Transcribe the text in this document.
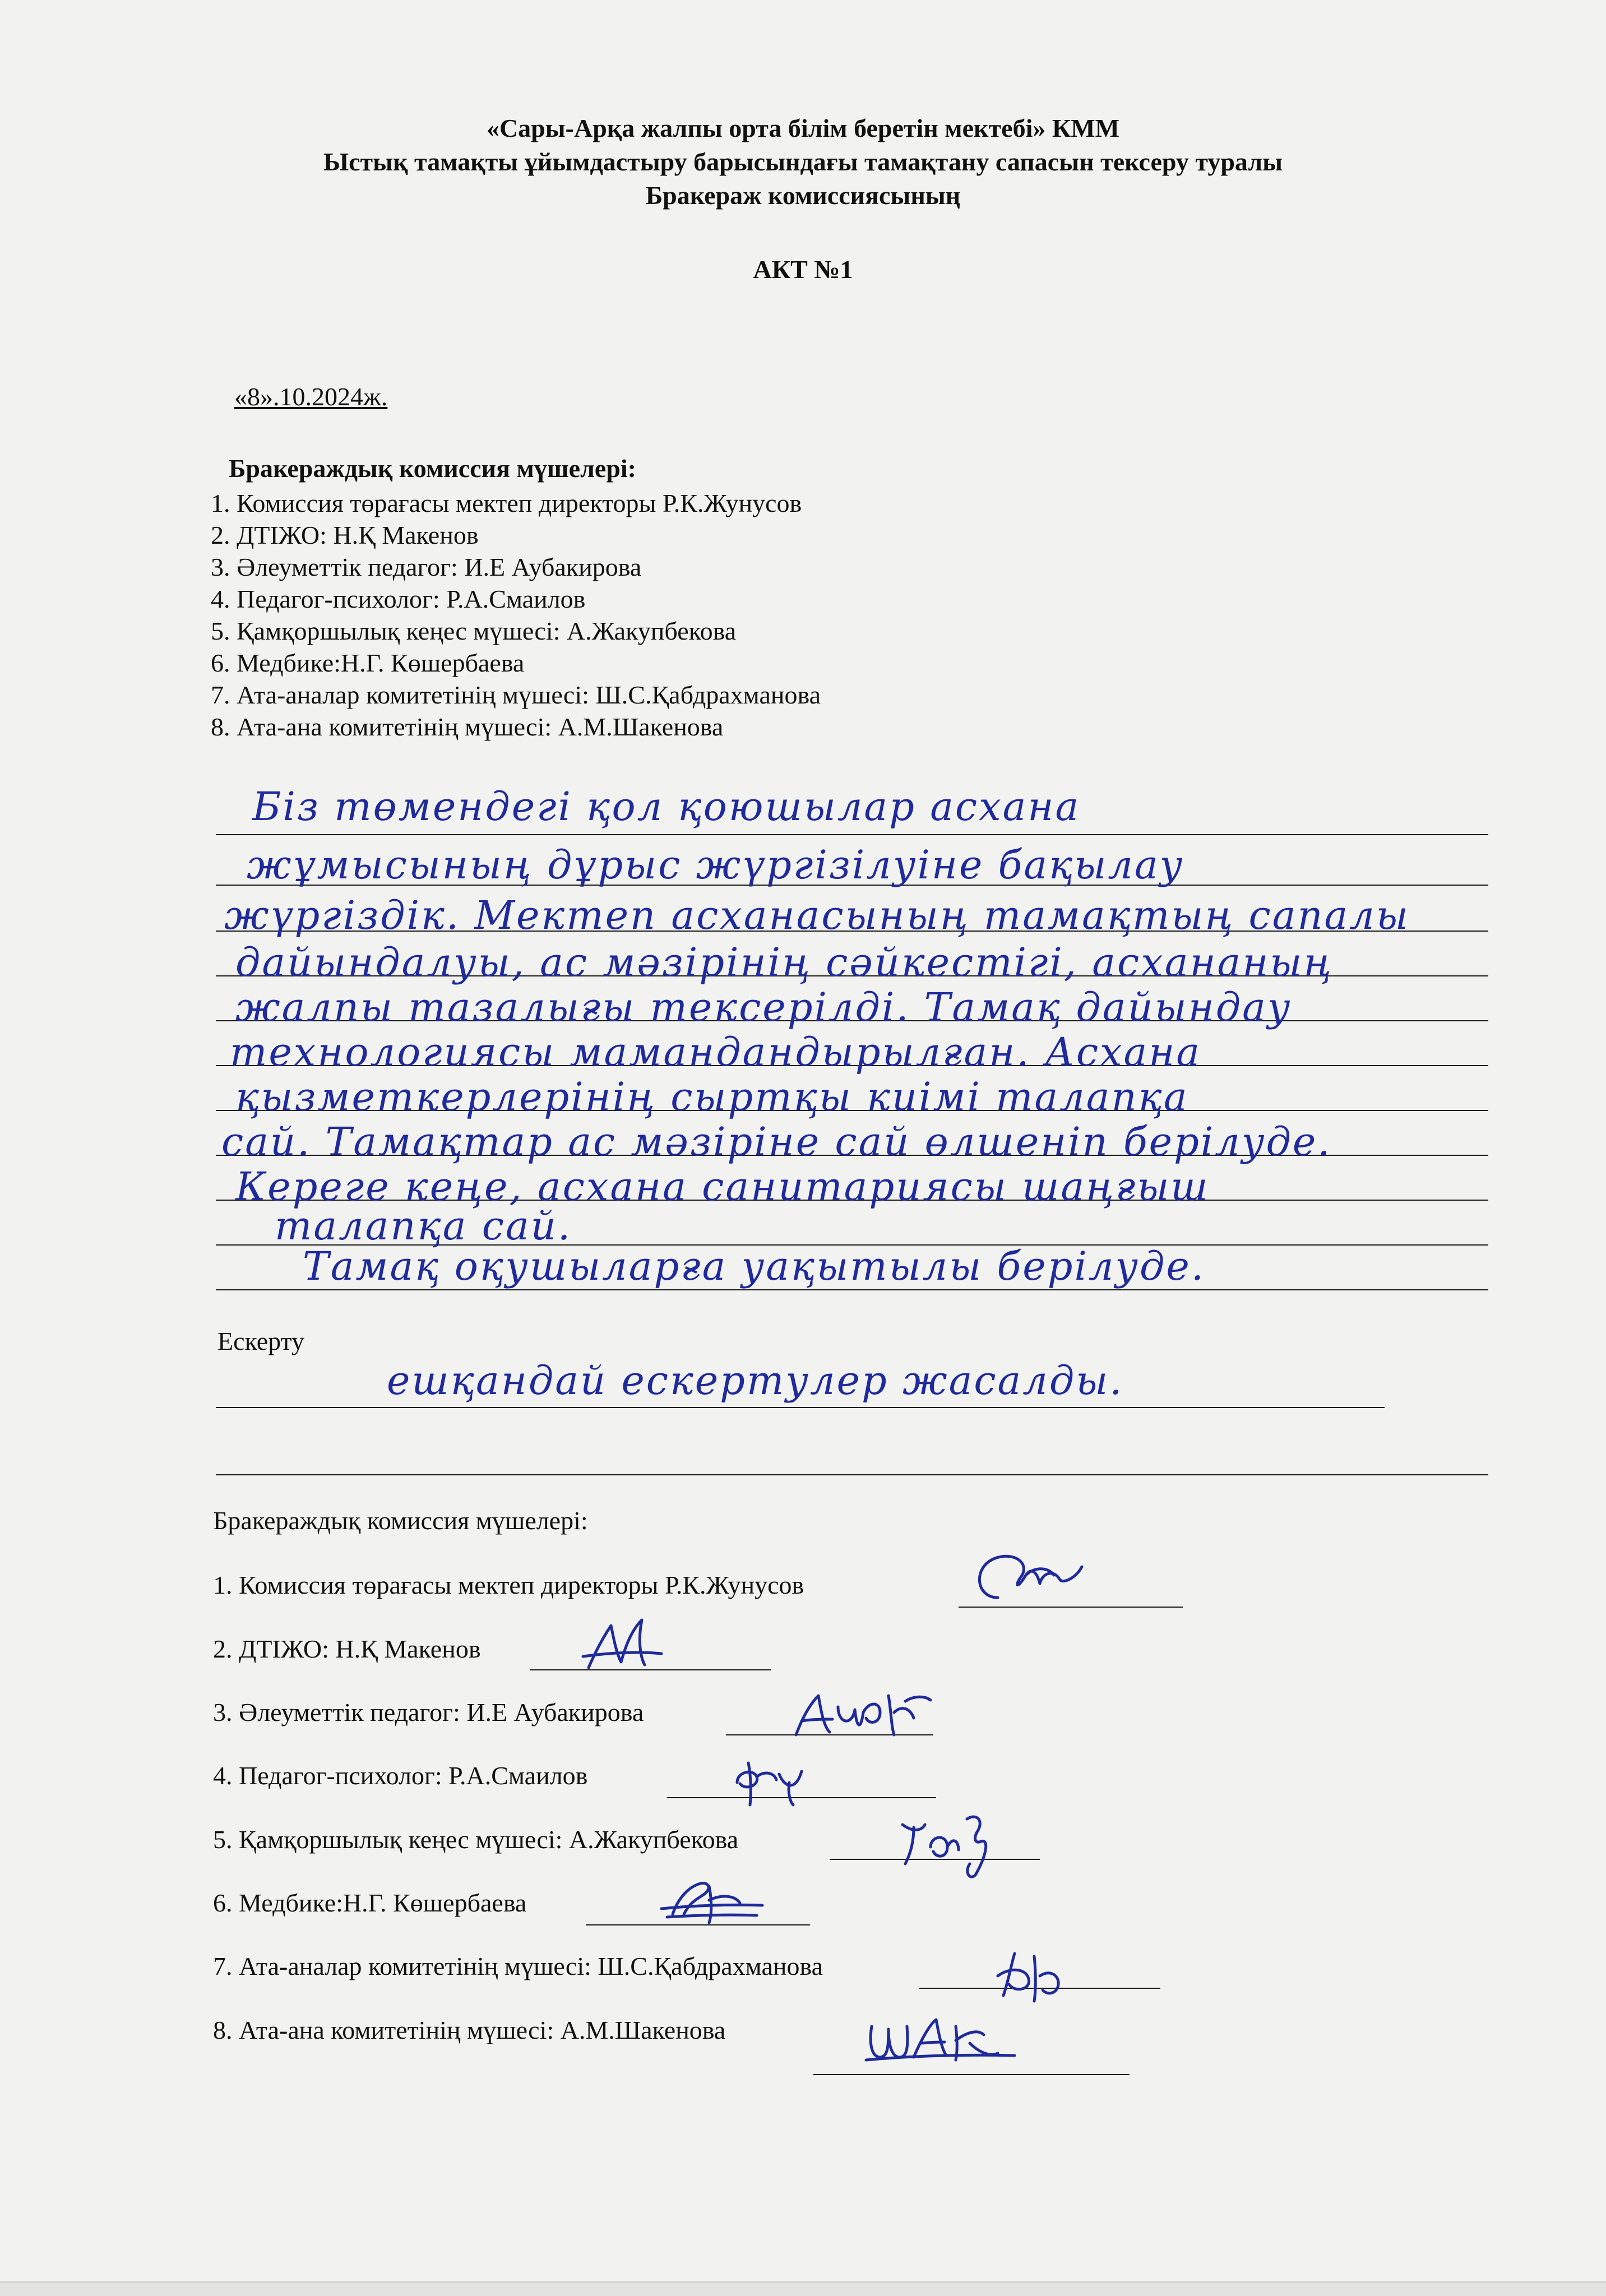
«Сары-Арқа жалпы орта білім беретін мектебі» КММ
Ыстық тамақты ұйымдастыру барысындағы тамақтану сапасын тексеру туралы
Бракераж комиссиясының
АКТ №1
«8».10.2024ж.
Бракераждық комиссия мүшелері:
1. Комиссия төрағасы мектеп директоры Р.К.Жунусов
2. ДТІЖО: Н.Қ Макенов
3. Әлеуметтік педагог: И.Е Аубакирова
4. Педагог-психолог: Р.А.Смаилов
5. Қамқоршылық кеңес мүшесі: А.Жакупбекова
6. Медбике:Н.Г. Көшербаева
7. Ата-аналар комитетінің мүшесі: Ш.С.Қабдрахманова
8. Ата-ана комитетінің мүшесі: А.М.Шакенова
Біз төмендегі қол қоюшылар асхана
жұмысының дұрыс жүргізілуіне бақылау
жүргіздік. Мектеп асханасының тамақтың сапалы
дайындалуы, ас мәзірінің сәйкестігі, асхананың
жалпы тазалығы тексерілді. Тамақ дайындау
технологиясы мамандандырылған. Асхана
қызметкерлерінің сыртқы киімі талапқа
сай. Тамақтар ас мәзіріне сай өлшеніп берілуде.
Кереге кеңе, асхана санитариясы шаңғыш
талапқа сай.
Тамақ оқушыларға уақытылы берілуде.
Ескерту
ешқандай ескертулер жасалды.
Бракераждық комиссия мүшелері:
1. Комиссия төрағасы мектеп директоры Р.К.Жунусов
2. ДТІЖО: Н.Қ Макенов
3. Әлеуметтік педагог: И.Е Аубакирова
4. Педагог-психолог: Р.А.Смаилов
5. Қамқоршылық кеңес мүшесі: А.Жакупбекова
6. Медбике:Н.Г. Көшербаева
7. Ата-аналар комитетінің мүшесі: Ш.С.Қабдрахманова
8. Ата-ана комитетінің мүшесі: А.М.Шакенова
